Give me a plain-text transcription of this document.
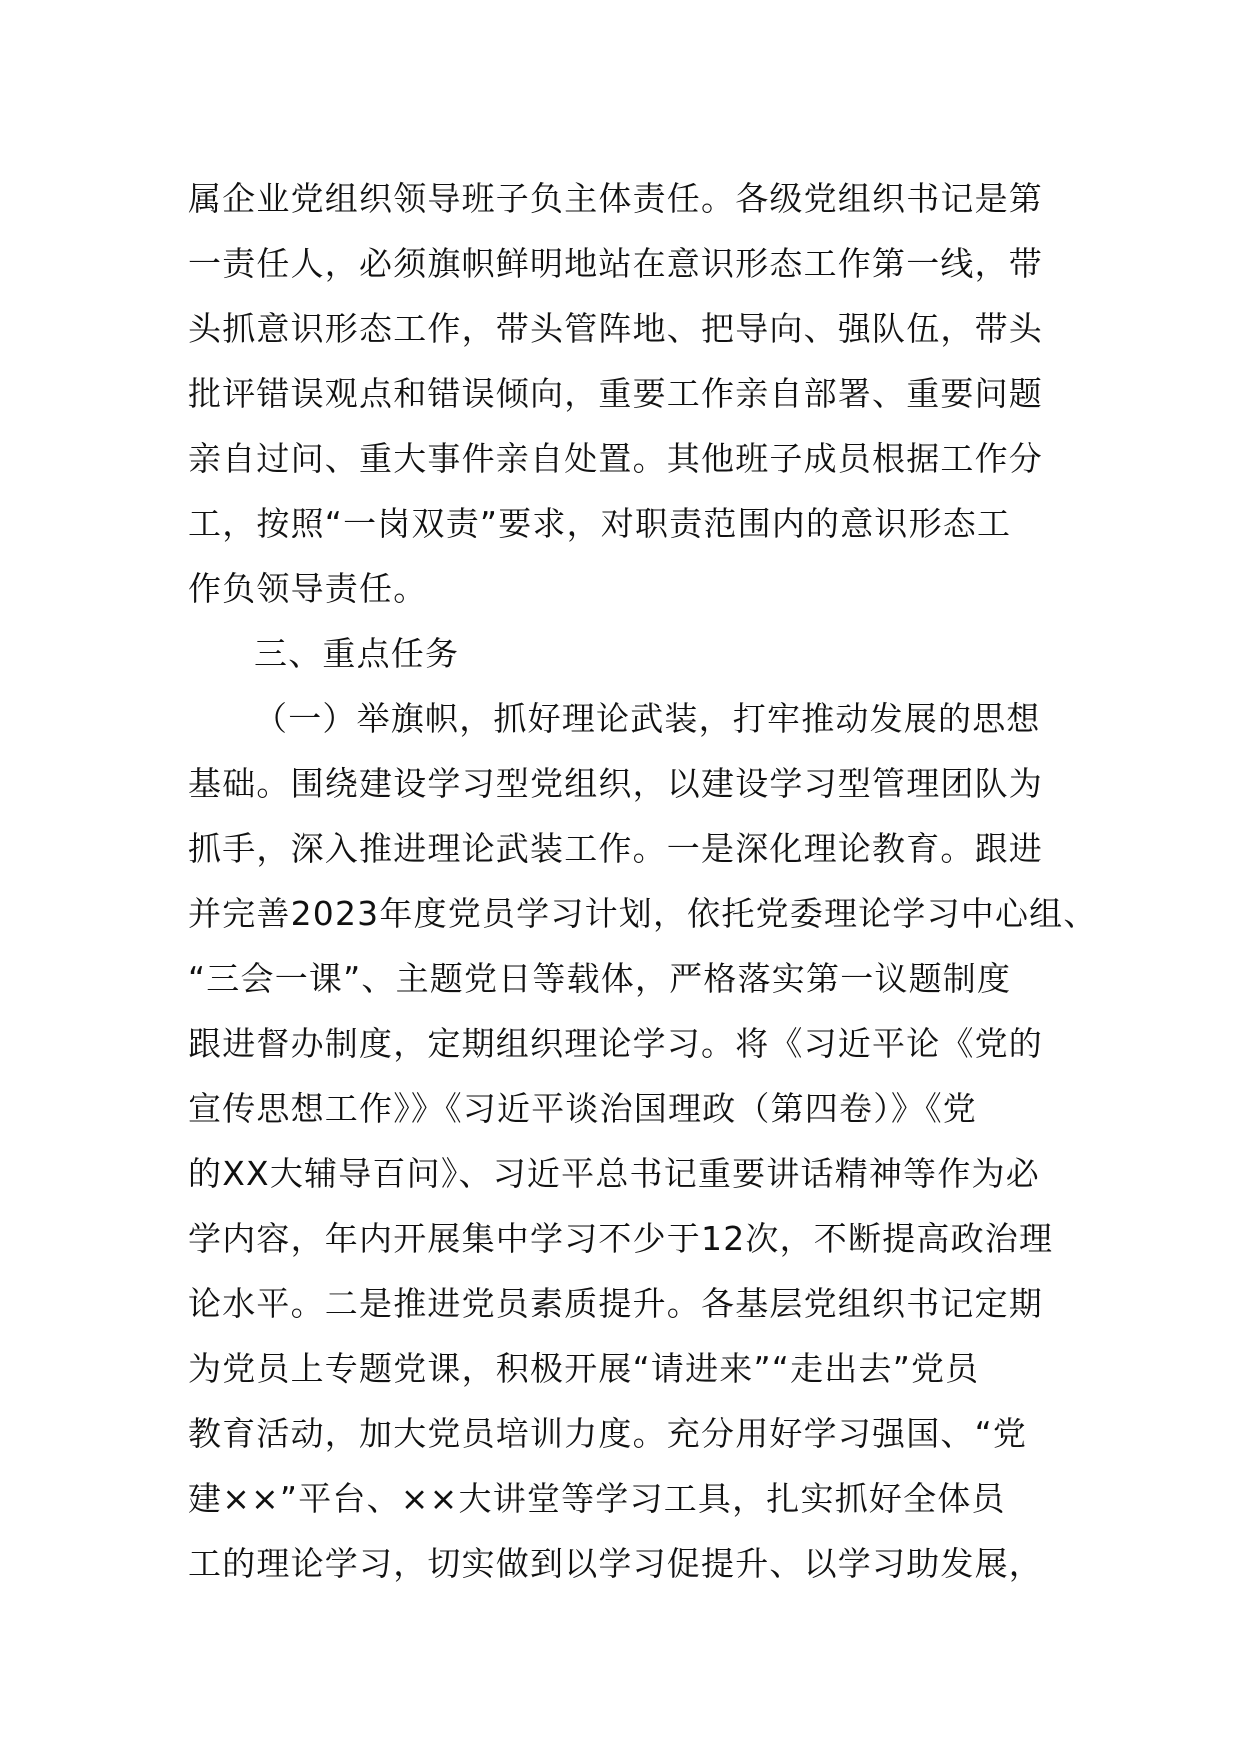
属企业党组织领导班子负主体责任。各级党组织书记是第
一责任人，必须旗帜鲜明地站在意识形态工作第一线，带
头抓意识形态工作，带头管阵地、把导向、强队伍，带头
批评错误观点和错误倾向，重要工作亲自部署、重要问题
亲自过问、重大事件亲自处置。其他班子成员根据工作分
工，按照“一岗双责”要求，对职责范围内的意识形态工
作负领导责任。
三、重点任务
（一）举旗帜，抓好理论武装，打牢推动发展的思想
基础。围绕建设学习型党组织，以建设学习型管理团队为
抓手，深入推进理论武装工作。一是深化理论教育。跟进
并完善2023年度党员学习计划，依托党委理论学习中心组、
“三会一课”、主题党日等载体，严格落实第一议题制度
跟进督办制度，定期组织理论学习。将《习近平论《党的
宣传思想工作》》《习近平谈治国理政（第四卷）》《党
的XX大辅导百问》、习近平总书记重要讲话精神等作为必
学内容，年内开展集中学习不少于12次，不断提高政治理
论水平。二是推进党员素质提升。各基层党组织书记定期
为党员上专题党课，积极开展“请进来”“走出去”党员
教育活动，加大党员培训力度。充分用好学习强国、“党
建××”平台、××大讲堂等学习工具，扎实抓好全体员
工的理论学习，切实做到以学习促提升、以学习助发展，
